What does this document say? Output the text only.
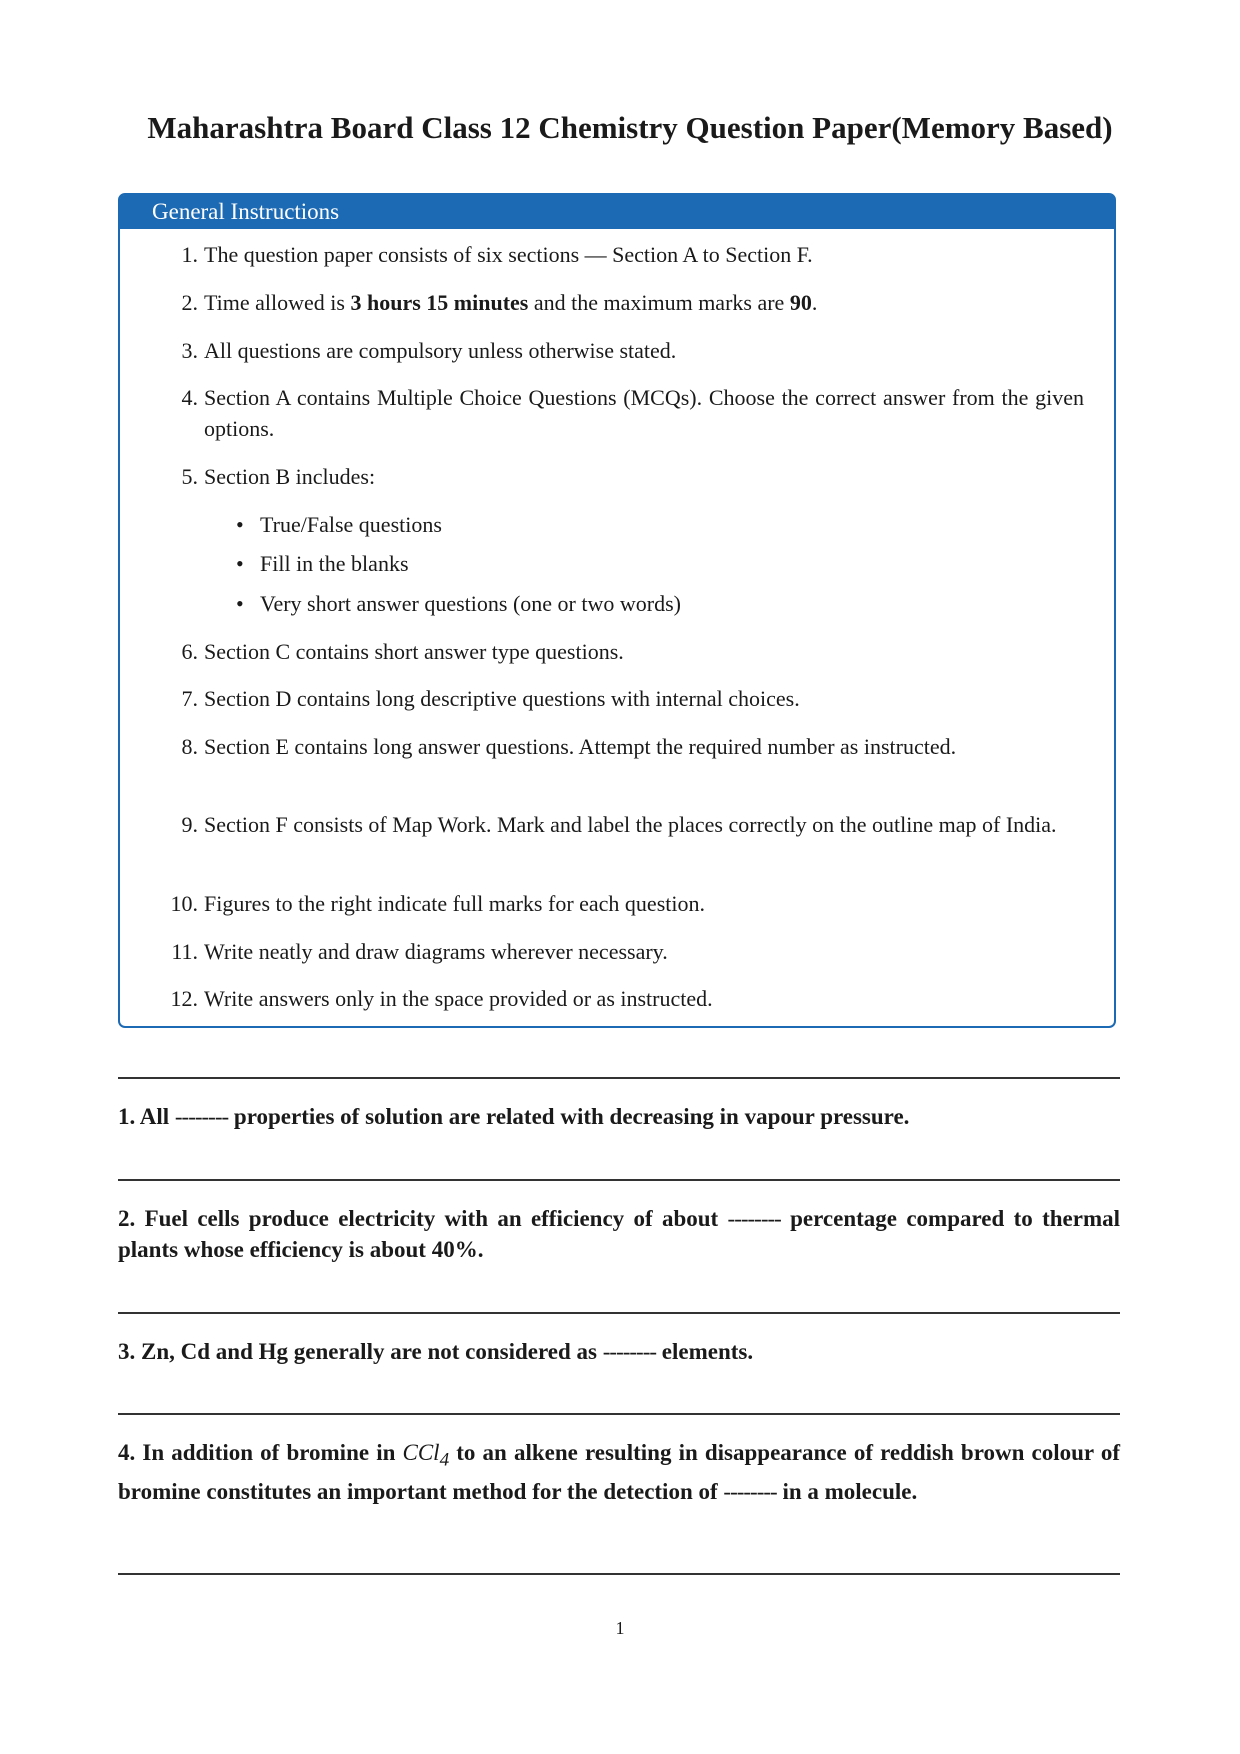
Maharashtra Board Class 12 Chemistry Question Paper(Memory Based)
General Instructions
1. The question paper consists of six sections — Section A to Section F.
2. Time allowed is 3 hours 15 minutes and the maximum marks are 90.
3. All questions are compulsory unless otherwise stated.
4. Section A contains Multiple Choice Questions (MCQs). Choose the correct answer from the given options.
5. Section B includes:
• True/False questions
• Fill in the blanks
• Very short answer questions (one or two words)
6. Section C contains short answer type questions.
7. Section D contains long descriptive questions with internal choices.
8. Section E contains long answer questions. Attempt the required number as instructed.
9. Section F consists of Map Work. Mark and label the places correctly on the outline map of India.
10. Figures to the right indicate full marks for each question.
11. Write neatly and draw diagrams wherever necessary.
12. Write answers only in the space provided or as instructed.
1. All -------- properties of solution are related with decreasing in vapour pressure.
2. Fuel cells produce electricity with an efficiency of about -------- percentage compared to thermal plants whose efficiency is about 40%.
3. Zn, Cd and Hg generally are not considered as -------- elements.
4. In addition of bromine in CCl$_4$ to an alkene resulting in disappearance of reddish brown colour of bromine constitutes an important method for the detection of -------- in a molecule.
1
